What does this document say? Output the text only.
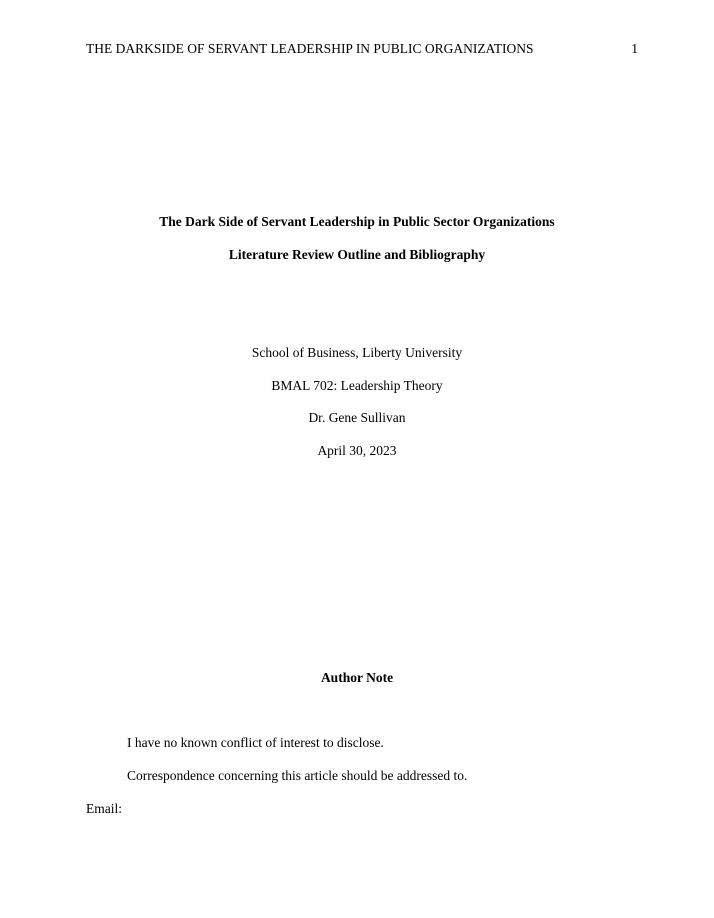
THE DARKSIDE OF SERVANT LEADERSHIP IN PUBLIC ORGANIZATIONS	1
The Dark Side of Servant Leadership in Public Sector Organizations
Literature Review Outline and Bibliography
School of Business, Liberty University
BMAL 702: Leadership Theory
Dr. Gene Sullivan
April 30, 2023
Author Note
I have no known conflict of interest to disclose.
Correspondence concerning this article should be addressed to.
Email:
